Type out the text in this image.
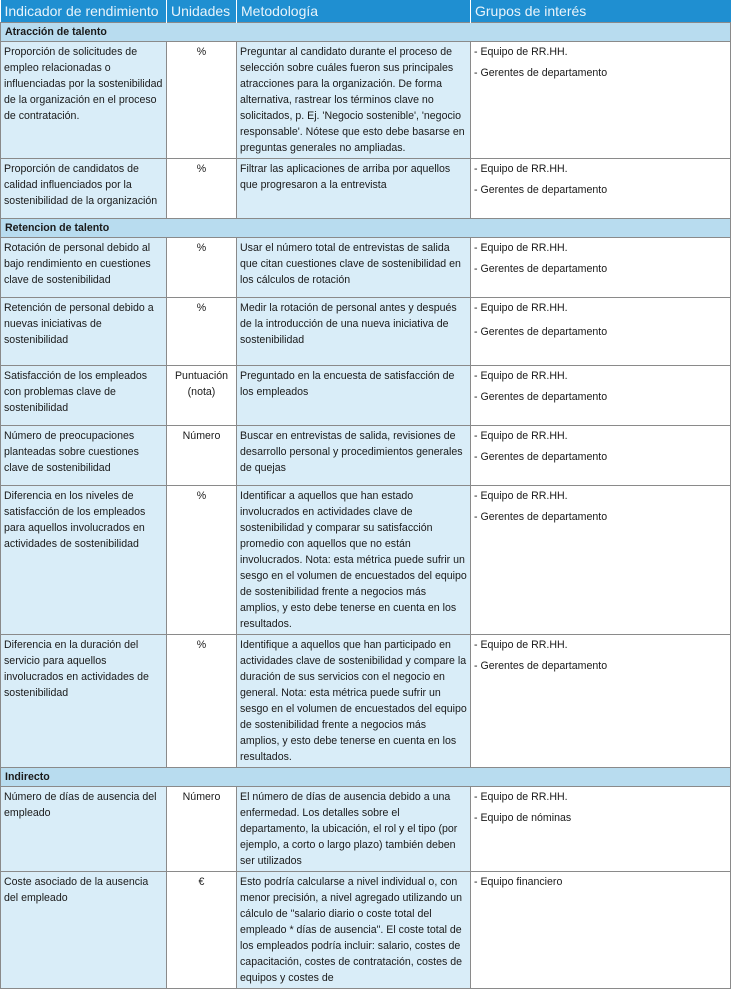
Indicador de rendimiento	Unidades	Metodología	Grupos de interés
Atracción de talento			
Proporción de solicitudes de empleo relacionadas o influenciadas por la sostenibilidad de la organización en el proceso de contratación.	%	Preguntar al candidato durante el proceso de selección sobre cuáles fueron sus principales atracciones para la organización. De forma alternativa, rastrear los términos clave no solicitados, p. Ej. 'Negocio sostenible', 'negocio responsable'. Nótese que esto debe basarse en preguntas generales no ampliadas.	- Equipo de RR.HH.
- Gerentes de departamento

Proporción de candidatos de calidad influenciados por la sostenibilidad de la organización	%	Filtrar las aplicaciones de arriba por aquellos que progresaron a la entrevista	- Equipo de RR.HH.
- Gerentes de departamento

Retencion de talento			
Rotación de personal debido al bajo rendimiento en cuestiones clave de sostenibilidad	%	Usar el número total de entrevistas de salida que citan cuestiones clave de sostenibilidad en los cálculos de rotación	- Equipo de RR.HH.
- Gerentes de departamento

Retención de personal debido a nuevas iniciativas de sostenibilidad	%	Medir la rotación de personal antes y después de la introducción de una nueva iniciativa de sostenibilidad	- Equipo de RR.HH.
- Gerentes de departamento

Satisfacción de los empleados con problemas clave de sostenibilidad	Puntuación (nota)	Preguntado en la encuesta de satisfacción de los empleados	- Equipo de RR.HH.
- Gerentes de departamento

Número de preocupaciones planteadas sobre cuestiones clave de sostenibilidad	Número	Buscar en entrevistas de salida, revisiones de desarrollo personal y procedimientos generales de quejas	- Equipo de RR.HH.
- Gerentes de departamento

Diferencia en los niveles de satisfacción de los empleados para aquellos involucrados en actividades de sostenibilidad	%	Identificar a aquellos que han estado involucrados en actividades clave de sostenibilidad y comparar su satisfacción promedio con aquellos que no están involucrados. Nota: esta métrica puede sufrir un sesgo en el volumen de encuestados del equipo de sostenibilidad frente a negocios más amplios, y esto debe tenerse en cuenta en los resultados.	- Equipo de RR.HH.
- Gerentes de departamento

Diferencia en la duración del servicio para aquellos involucrados en actividades de sostenibilidad	%	Identifique a aquellos que han participado en actividades clave de sostenibilidad y compare la duración de sus servicios con el negocio en general. Nota: esta métrica puede sufrir un sesgo en el volumen de encuestados del equipo de sostenibilidad frente a negocios más amplios, y esto debe tenerse en cuenta en los resultados.	- Equipo de RR.HH.
- Gerentes de departamento

Indirecto			
Número de días de ausencia del empleado	Número	El número de días de ausencia debido a una enfermedad. Los detalles sobre el departamento, la ubicación, el rol y el tipo (por ejemplo, a corto o largo plazo) también deben ser utilizados	- Equipo de RR.HH.
- Equipo de nóminas

Coste asociado de la ausencia del empleado	€	Esto podría calcularse a nivel individual o, con menor precisión, a nivel agregado utilizando un cálculo de "salario diario o coste total del empleado * días de ausencia". El coste total de los empleados podría incluir: salario, costes de capacitación, costes de contratación, costes de equipos y costes de	- Equipo financiero
